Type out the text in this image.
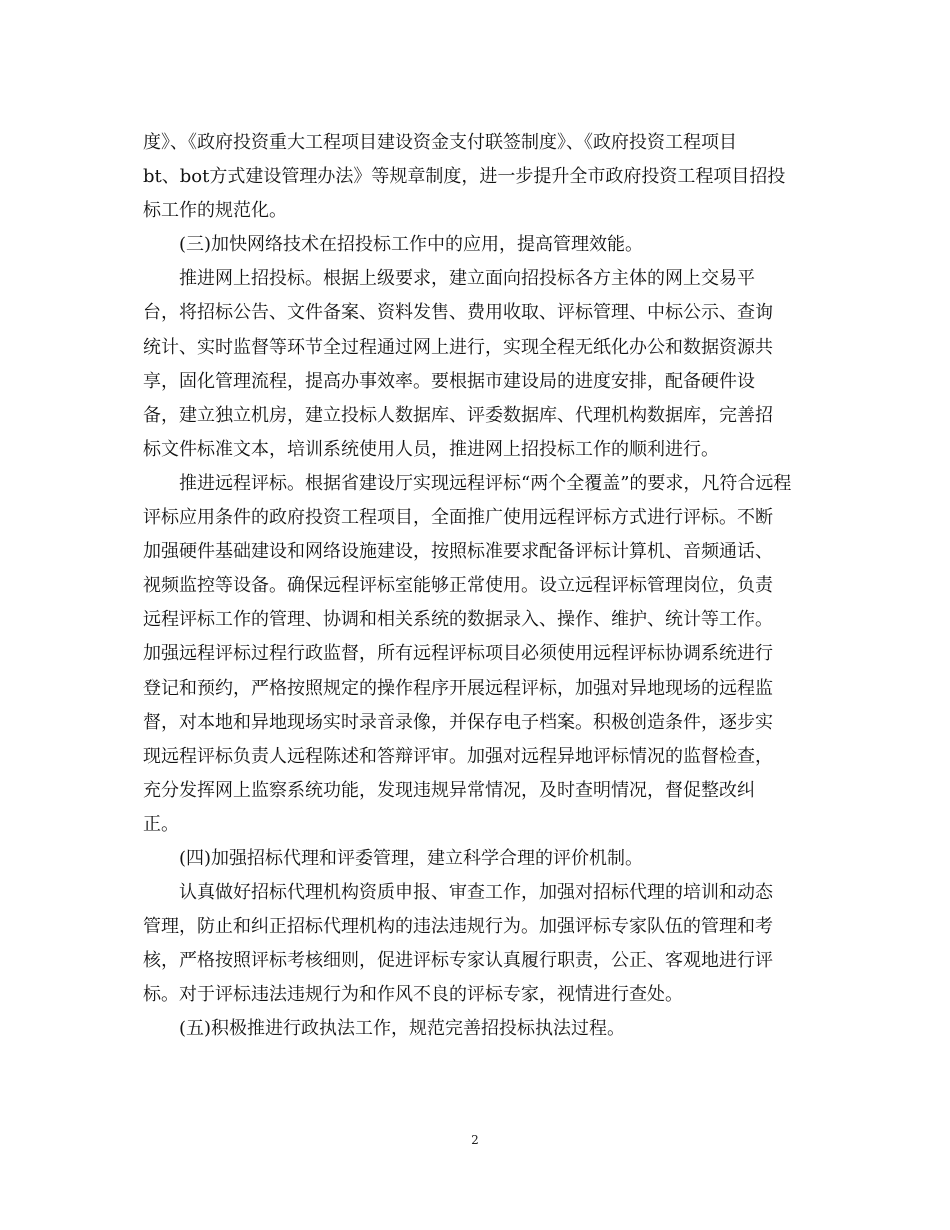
度》、《政府投资重大工程项目建设资金支付联签制度》、《政府投资工程项目
bt、bot方式建设管理办法》等规章制度，进一步提升全市政府投资工程项目招投
标工作的规范化。
(三)加快网络技术在招投标工作中的应用，提高管理效能。
推进网上招投标。根据上级要求，建立面向招投标各方主体的网上交易平
台，将招标公告、文件备案、资料发售、费用收取、评标管理、中标公示、查询
统计、实时监督等环节全过程通过网上进行，实现全程无纸化办公和数据资源共
享，固化管理流程，提高办事效率。要根据市建设局的进度安排，配备硬件设
备，建立独立机房，建立投标人数据库、评委数据库、代理机构数据库，完善招
标文件标准文本，培训系统使用人员，推进网上招投标工作的顺利进行。
推进远程评标。根据省建设厅实现远程评标“两个全覆盖”的要求，凡符合远程
评标应用条件的政府投资工程项目，全面推广使用远程评标方式进行评标。不断
加强硬件基础建设和网络设施建设，按照标准要求配备评标计算机、音频通话、
视频监控等设备。确保远程评标室能够正常使用。设立远程评标管理岗位，负责
远程评标工作的管理、协调和相关系统的数据录入、操作、维护、统计等工作。
加强远程评标过程行政监督，所有远程评标项目必须使用远程评标协调系统进行
登记和预约，严格按照规定的操作程序开展远程评标，加强对异地现场的远程监
督，对本地和异地现场实时录音录像，并保存电子档案。积极创造条件，逐步实
现远程评标负责人远程陈述和答辩评审。加强对远程异地评标情况的监督检查，
充分发挥网上监察系统功能，发现违规异常情况，及时查明情况，督促整改纠
正。
(四)加强招标代理和评委管理，建立科学合理的评价机制。
认真做好招标代理机构资质申报、审查工作，加强对招标代理的培训和动态
管理，防止和纠正招标代理机构的违法违规行为。加强评标专家队伍的管理和考
核，严格按照评标考核细则，促进评标专家认真履行职责，公正、客观地进行评
标。对于评标违法违规行为和作风不良的评标专家，视情进行查处。
(五)积极推进行政执法工作，规范完善招投标执法过程。
2
